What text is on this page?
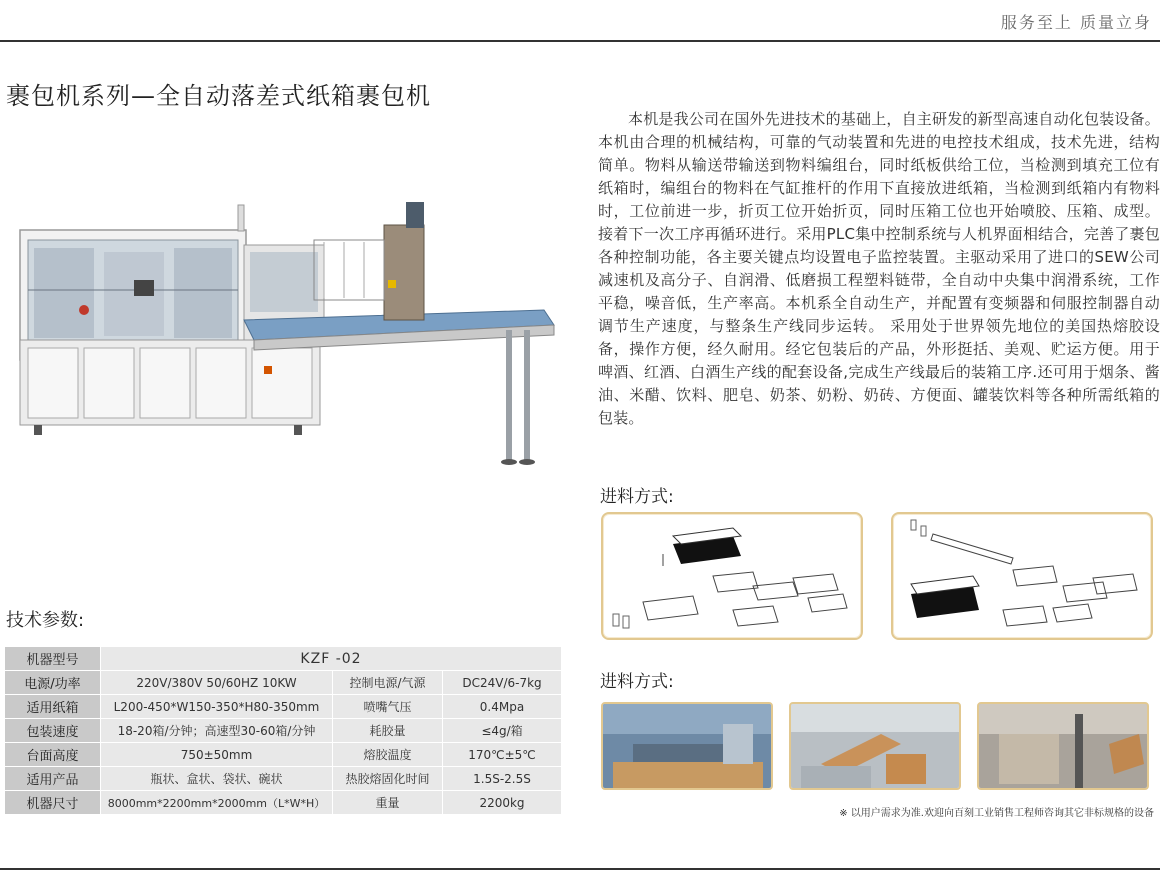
服务至上 质量立身
裹包机系列—全自动落差式纸箱裹包机

本机是我公司在国外先进技术的基础上，自主研发的新型高速自动化包装设备。本机由合理的机械结构，可靠的气动装置和先进的电控技术组成，技术先进，结构简单。物料从输送带输送到物料编组台，同时纸板供给工位，当检测到填充工位有纸箱时，编组台的物料在气缸推杆的作用下直接放进纸箱，当检测到纸箱内有物料时，工位前进一步，折页工位开始折页，同时压箱工位也开始喷胶、压箱、成型。接着下一次工序再循环进行。采用PLC集中控制系统与人机界面相结合，完善了裹包各种控制功能，各主要关键点均设置电子监控装置。主驱动采用了进口的SEW公司减速机及高分子、自润滑、低磨损工程塑料链带，全自动中央集中润滑系统，工作平稳，噪音低，生产率高。本机系全自动生产，并配置有变频器和伺服控制器自动调节生产速度，与整条生产线同步运转。 采用处于世界领先地位的美国热熔胶设备，操作方便，经久耐用。经它包装后的产品，外形挺括、美观、贮运方便。用于啤酒、红酒、白酒生产线的配套设备,完成生产线最后的装箱工序.还可用于烟条、酱油、米醋、饮料、肥皂、奶茶、奶粉、奶砖、方便面、罐装饮料等各种所需纸箱的包装。

进料方式:
进料方式:
※ 以用户需求为准.欢迎向百刻工业销售工程师咨询其它非标规格的设备
技术参数:
机器型号	KZF -02		
电源/功率	220V/380V 50/60HZ 10KW	控制电源/气源	DC24V/6-7kg
适用纸箱	L200-450*W150-350*H80-350mm	喷嘴气压	0.4Mpa
包装速度	18-20箱/分钟；高速型30-60箱/分钟	耗胶量	≤4g/箱
台面高度	750±50mm	熔胶温度	170℃±5℃
适用产品	瓶状、盒状、袋状、碗状	热胶熔固化时间	1.5S-2.5S
机器尺寸	8000mm*2200mm*2000mm（L*W*H）	重量	2200kg
